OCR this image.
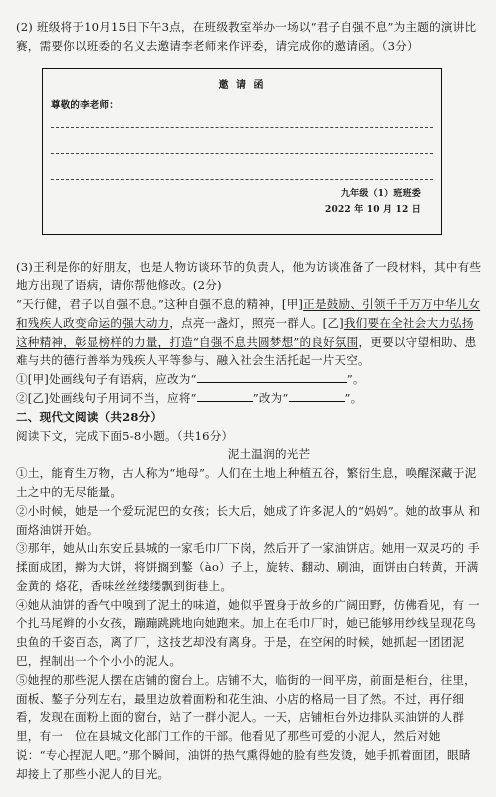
(2) 班级将于10月15日下午3点，在班级教室举办一场以“君子自强不息”为主题的演讲比赛，需要你以班委的名义去邀请李老师来作评委，请完成你的邀请函。（3分）

邀 请 函
尊敬的李老师：
九年级（1）班班委
2022 年 10 月 12 日

(3)王利是你的好朋友，也是人物访谈环节的负责人，他为访谈准备了一段材料，其中有些地方出现了语病，请你帮他修改。(2分)

“天行健，君子以自强不息。”这种自强不息的精神，[甲]正是鼓励、引领千千万万中华儿女和残疾人政变命运的强大动力，点亮一盏灯，照亮一群人。[乙]我们要在全社会大力弘扬这种精神，彰显榜样的力量，打造“自强不息共圆梦想”的良好氛围，更要以守望相助、患难与共的德行善举为残疾人平等参与、融入社会生活托起一片天空。

①[甲]处画线句子有语病，应改为“	”。

②[乙]处画线句子用词不当，应将“	”改为“	”。

二、现代文阅读（共28分）

阅读下文，完成下面5-8小题。（共16分）

泥土温润的光芒

①土，能育生万物，古人称为“地母”。人们在土地上种植五谷，繁衍生息，唤醒深藏于泥土之中的无尽能量。

②小时候，她是一个爱玩泥巴的女孩；长大后，她成了许多泥人的“妈妈”。她的故事从 和面烙油饼开始。

③那年，她从山东安丘县城的一家毛巾厂下岗，然后开了一家油饼店。她用一双灵巧的 手揉面成团，擀为大饼，将饼搁到鏊（ào）子上，旋转、翻动、刷油，面饼由白转黄，开满金黄的 烙花，香味丝丝缕缕飘到街巷上。

④她从油饼的香气中嗅到了泥土的味道，她似乎置身于故乡的广阔田野，仿佛看见，有 一个扎马尾辫的小女孩，蹦蹦跳跳地向她跑来。加上在毛巾厂时，她已能够用纱线呈现花鸟虫鱼的千姿百态，离了厂，这技艺却没有离身。于是，在空闲的时候，她抓起一团团泥巴，捏制出一个个小小的泥人。

⑤她捏的那些泥人摆在店铺的窗台上。店铺不大，临街的一间平房，前面是柜台，往里，面板、鏊子分列左右，最里边放着面粉和花生油、小店的格局一目了然。不过，再仔细看，发现在面粉上面的窗台，站了一群小泥人。一天，店铺柜台外边排队买油饼的人群里，有一　位在县城文化部门工作的干部。他看见了那些可爱的小泥人，然后对她说：“专心捏泥人吧。”那个瞬间，油饼的热气熏得她的脸有些发烫，她手抓着面团，眼睛却接上了那些小泥人的目光。
